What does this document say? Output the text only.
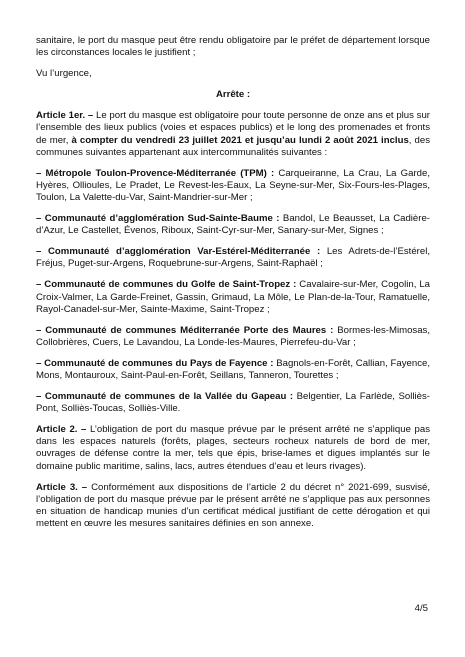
sanitaire, le port du masque peut être rendu obligatoire par le préfet de département lorsque les circonstances locales le justifient ;

Vu l’urgence,

Arrête :

Article 1er. – Le port du masque est obligatoire pour toute personne de onze ans et plus sur l’ensemble des lieux publics (voies et espaces publics) et le long des promenades et fronts de mer, à compter du vendredi 23 juillet 2021 et jusqu’au lundi 2 août 2021 inclus, des communes suivantes appartenant aux intercommunalités suivantes :

– Métropole Toulon-Provence-Méditerranée (TPM) : Carqueiranne, La Crau, La Garde, Hyères, Ollioules, Le Pradet, Le Revest-les-Eaux, La Seyne-sur-Mer, Six-Fours-les-Plages, Toulon, La Valette-du-Var, Saint-Mandrier-sur-Mer ;

– Communauté d’agglomération Sud-Sainte-Baume : Bandol, Le Beausset, La Cadière-d’Azur, Le Castellet, Évenos, Riboux, Saint-Cyr-sur-Mer, Sanary-sur-Mer, Signes ;

– Communauté d’agglomération Var-Estérel-Méditerranée : Les Adrets-de-l’Estérel, Fréjus, Puget-sur-Argens, Roquebrune-sur-Argens, Saint-Raphaël ;

– Communauté de communes du Golfe de Saint-Tropez : Cavalaire-sur-Mer, Cogolin, La Croix-Valmer, La Garde-Freinet, Gassin, Grimaud, La Môle, Le Plan-de-la-Tour, Ramatuelle, Rayol-Canadel-sur-Mer, Sainte-Maxime, Saint-Tropez ;

– Communauté de communes Méditerranée Porte des Maures : Bormes-les-Mimosas, Collobrières, Cuers, Le Lavandou, La Londe-les-Maures, Pierrefeu-du-Var ;

– Communauté de communes du Pays de Fayence : Bagnols-en-Forêt, Callian, Fayence, Mons, Montauroux, Saint-Paul-en-Forêt, Seillans, Tanneron, Tourettes ;

– Communauté de communes de la Vallée du Gapeau : Belgentier, La Farlède, Solliès-Pont, Solliès-Toucas, Solliès-Ville.

Article 2. – L’obligation de port du masque prévue par le présent arrêté ne s’applique pas dans les espaces naturels (forêts, plages, secteurs rocheux naturels de bord de mer, ouvrages de défense contre la mer, tels que épis, brise-lames et digues implantés sur le domaine public maritime, salins, lacs, autres étendues d’eau et leurs rivages).

Article 3. – Conformément aux dispositions de l’article 2 du décret n° 2021-699, susvisé, l’obligation de port du masque prévue par le présent arrêté ne s’applique pas aux personnes en situation de handicap munies d’un certificat médical justifiant de cette dérogation et qui mettent en œuvre les mesures sanitaires définies en son annexe.

4/5
